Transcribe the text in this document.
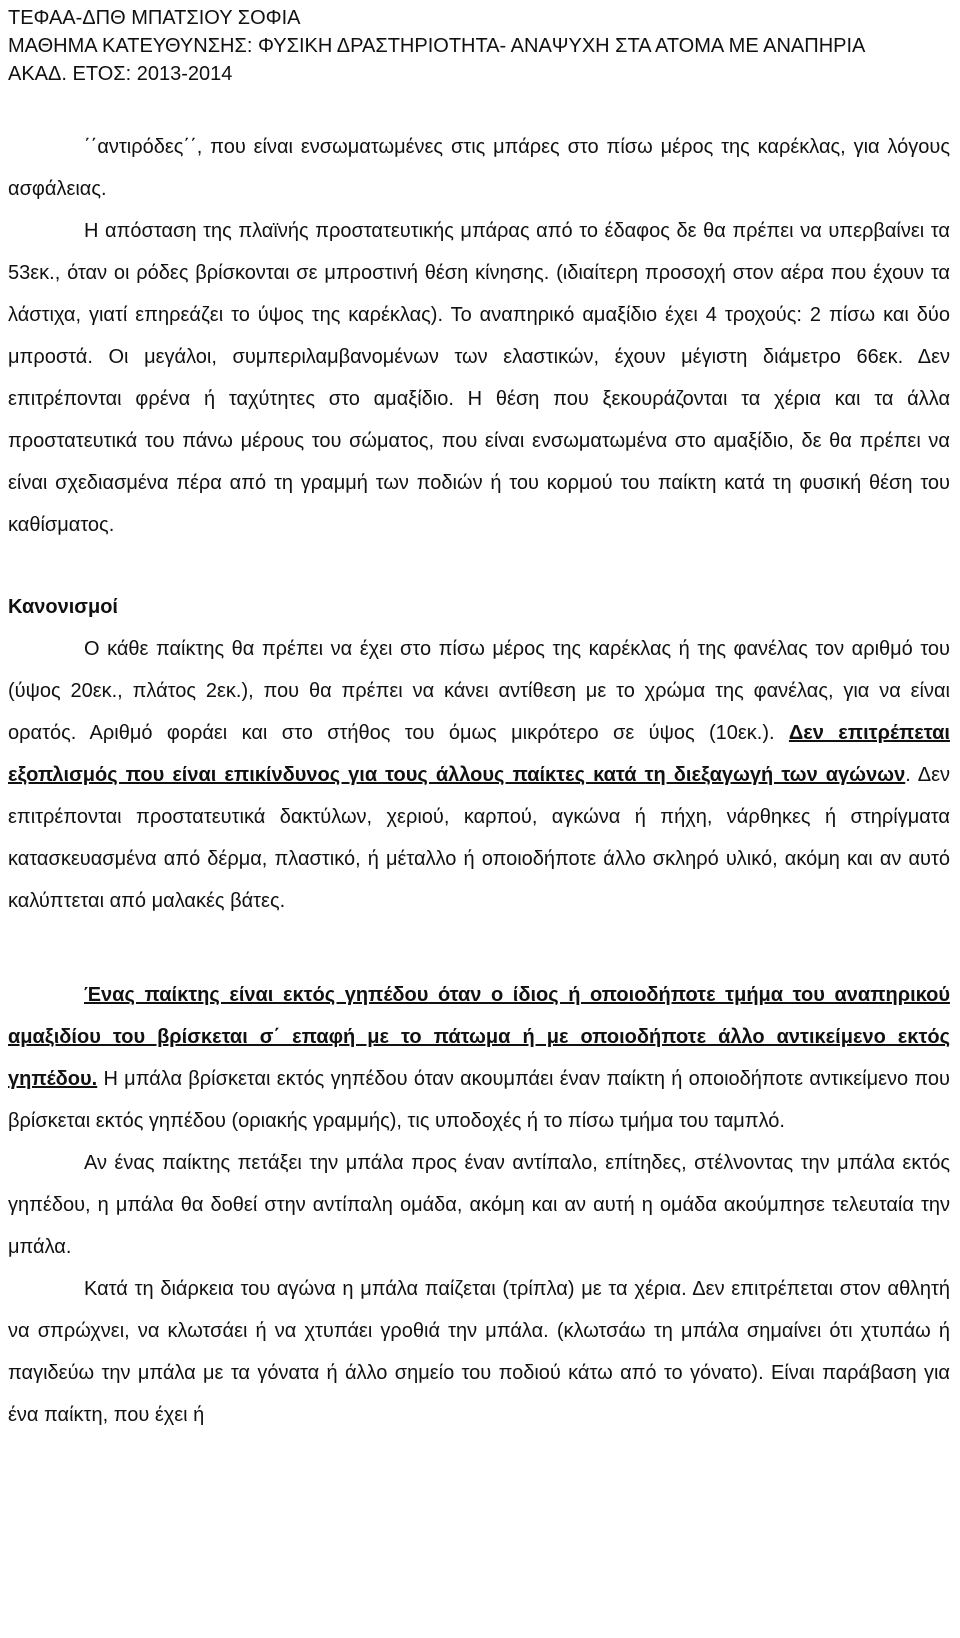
ΤΕΦΑΑ-ΔΠΘ ΜΠΑΤΣΙΟΥ ΣΟΦΙΑ
ΜΑΘΗΜΑ ΚΑΤΕΥΘΥΝΣΗΣ: ΦΥΣΙΚΗ ΔΡΑΣΤΗΡΙΟΤΗΤΑ- ΑΝΑΨΥΧΗ ΣΤΑ ΑΤΟΜΑ ΜΕ ΑΝΑΠΗΡΙΑ
ΑΚΑΔ. ΕΤΟΣ: 2013-2014

΄΄αντιρόδες΄΄, που είναι ενσωματωμένες στις μπάρες στο πίσω μέρος της καρέκλας, για λόγους ασφάλειας.

Η απόσταση της πλαϊνής προστατευτικής μπάρας από το έδαφος δε θα πρέπει να υπερβαίνει τα 53εκ., όταν οι ρόδες βρίσκονται σε μπροστινή θέση κίνησης. (ιδιαίτερη προσοχή στον αέρα που έχουν τα λάστιχα, γιατί επηρεάζει το ύψος της καρέκλας). Το αναπηρικό αμαξίδιο έχει 4 τροχούς: 2 πίσω και δύο μπροστά. Οι μεγάλοι, συμπεριλαμβανομένων των ελαστικών, έχουν μέγιστη διάμετρο 66εκ. Δεν επιτρέπονται φρένα ή ταχύτητες στο αμαξίδιο. Η θέση που ξεκουράζονται τα χέρια και τα άλλα προστατευτικά του πάνω μέρους του σώματος, που είναι ενσωματωμένα στο αμαξίδιο, δε θα πρέπει να είναι σχεδιασμένα πέρα από τη γραμμή των ποδιών ή του κορμού του παίκτη κατά τη φυσική θέση του καθίσματος.

Κανονισμοί

Ο κάθε παίκτης θα πρέπει να έχει στο πίσω μέρος της καρέκλας ή της φανέλας τον αριθμό του (ύψος 20εκ., πλάτος 2εκ.), που θα πρέπει να κάνει αντίθεση με το χρώμα της φανέλας, για να είναι ορατός. Αριθμό φοράει και στο στήθος του όμως μικρότερο σε ύψος (10εκ.). Δεν επιτρέπεται εξοπλισμός που είναι επικίνδυνος για τους άλλους παίκτες κατά τη διεξαγωγή των αγώνων. Δεν επιτρέπονται προστατευτικά δακτύλων, χεριού, καρπού, αγκώνα ή πήχη, νάρθηκες ή στηρίγματα κατασκευασμένα από δέρμα, πλαστικό, ή μέταλλο ή οποιοδήποτε άλλο σκληρό υλικό, ακόμη και αν αυτό καλύπτεται από μαλακές βάτες.

Ένας παίκτης είναι εκτός γηπέδου όταν ο ίδιος ή οποιοδήποτε τμήμα του αναπηρικού αμαξιδίου του βρίσκεται σ΄ επαφή με το πάτωμα ή με οποιοδήποτε άλλο αντικείμενο εκτός γηπέδου. Η μπάλα βρίσκεται εκτός γηπέδου όταν ακουμπάει έναν παίκτη ή οποιοδήποτε αντικείμενο που βρίσκεται εκτός γηπέδου (οριακής γραμμής), τις υποδοχές ή το πίσω τμήμα του ταμπλό.

Αν ένας παίκτης πετάξει την μπάλα προς έναν αντίπαλο, επίτηδες, στέλνοντας την μπάλα εκτός γηπέδου, η μπάλα θα δοθεί στην αντίπαλη ομάδα, ακόμη και αν αυτή η ομάδα ακούμπησε τελευταία την μπάλα.

Κατά τη διάρκεια του αγώνα η μπάλα παίζεται (τρίπλα) με τα χέρια. Δεν επιτρέπεται στον αθλητή να σπρώχνει, να κλωτσάει ή να χτυπάει γροθιά την μπάλα. (κλωτσάω τη μπάλα σημαίνει ότι χτυπάω ή παγιδεύω την μπάλα με τα γόνατα ή άλλο σημείο του ποδιού κάτω από το γόνατο). Είναι παράβαση για ένα παίκτη, που έχει ή
